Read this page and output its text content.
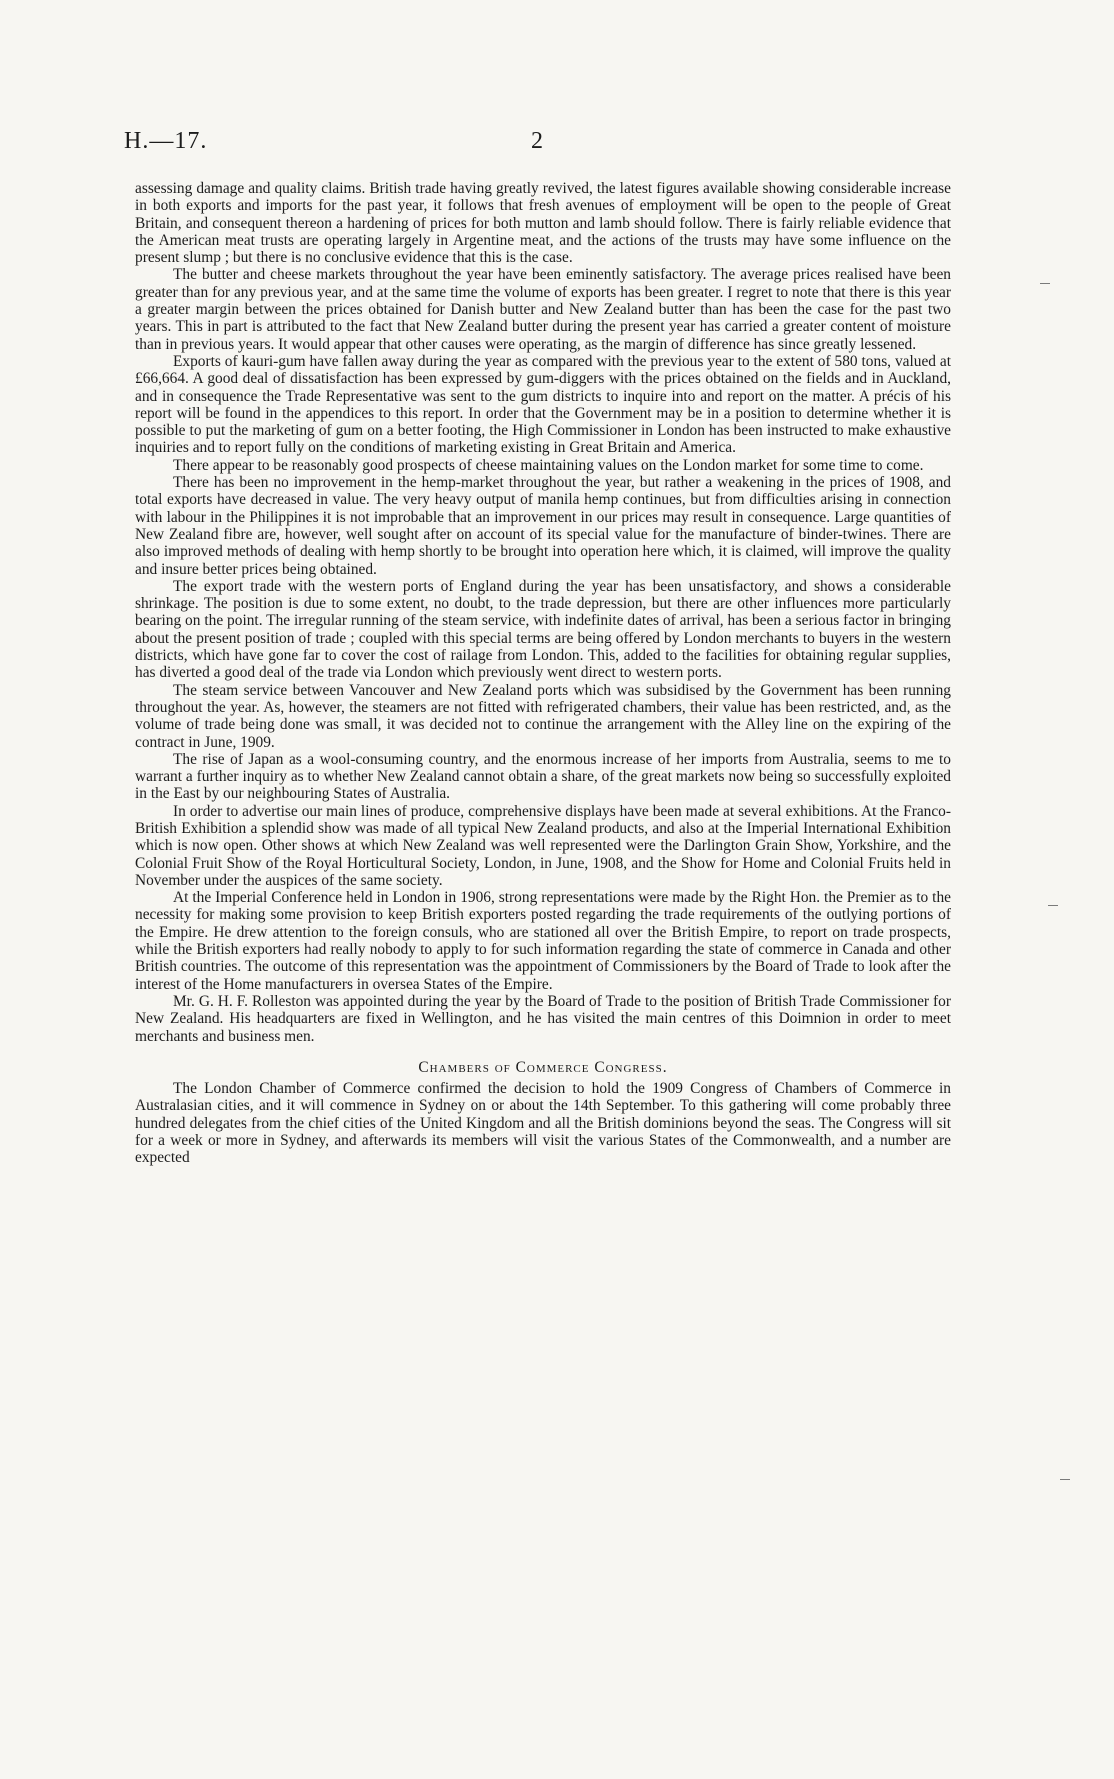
H.—17.	2

assessing damage and quality claims. British trade having greatly revived, the latest figures available showing considerable increase in both exports and imports for the past year, it follows that fresh avenues of employment will be open to the people of Great Britain, and consequent thereon a hardening of prices for both mutton and lamb should follow. There is fairly reliable evidence that the American meat trusts are operating largely in Argentine meat, and the actions of the trusts may have some influence on the present slump ; but there is no conclusive evidence that this is the case.

The butter and cheese markets throughout the year have been eminently satisfactory. The average prices realised have been greater than for any previous year, and at the same time the volume of exports has been greater. I regret to note that there is this year a greater margin between the prices obtained for Danish butter and New Zealand butter than has been the case for the past two years. This in part is attributed to the fact that New Zealand butter during the present year has carried a greater content of moisture than in previous years. It would appear that other causes were operating, as the margin of difference has since greatly lessened.

Exports of kauri-gum have fallen away during the year as compared with the previous year to the extent of 580 tons, valued at £66,664. A good deal of dissatisfaction has been expressed by gum-diggers with the prices obtained on the fields and in Auckland, and in consequence the Trade Representative was sent to the gum districts to inquire into and report on the matter. A précis of his report will be found in the appendices to this report. In order that the Government may be in a position to determine whether it is possible to put the marketing of gum on a better footing, the High Commissioner in London has been instructed to make exhaustive inquiries and to report fully on the conditions of marketing existing in Great Britain and America.

There appear to be reasonably good prospects of cheese maintaining values on the London market for some time to come.

There has been no improvement in the hemp-market throughout the year, but rather a weakening in the prices of 1908, and total exports have decreased in value. The very heavy output of manila hemp continues, but from difficulties arising in connection with labour in the Philippines it is not improbable that an improvement in our prices may result in consequence. Large quantities of New Zealand fibre are, however, well sought after on account of its special value for the manufacture of binder-twines. There are also improved methods of dealing with hemp shortly to be brought into operation here which, it is claimed, will improve the quality and insure better prices being obtained.

The export trade with the western ports of England during the year has been unsatisfactory, and shows a considerable shrinkage. The position is due to some extent, no doubt, to the trade depression, but there are other influences more particularly bearing on the point. The irregular running of the steam service, with indefinite dates of arrival, has been a serious factor in bringing about the present position of trade ; coupled with this special terms are being offered by London merchants to buyers in the western districts, which have gone far to cover the cost of railage from London. This, added to the facilities for obtaining regular supplies, has diverted a good deal of the trade via London which previously went direct to western ports.

The steam service between Vancouver and New Zealand ports which was subsidised by the Government has been running throughout the year. As, however, the steamers are not fitted with refrigerated chambers, their value has been restricted, and, as the volume of trade being done was small, it was decided not to continue the arrangement with the Alley line on the expiring of the contract in June, 1909.

The rise of Japan as a wool-consuming country, and the enormous increase of her imports from Australia, seems to me to warrant a further inquiry as to whether New Zealand cannot obtain a share, of the great markets now being so successfully exploited in the East by our neighbouring States of Australia.

In order to advertise our main lines of produce, comprehensive displays have been made at several exhibitions. At the Franco-British Exhibition a splendid show was made of all typical New Zealand products, and also at the Imperial International Exhibition which is now open. Other shows at which New Zealand was well represented were the Darlington Grain Show, Yorkshire, and the Colonial Fruit Show of the Royal Horticultural Society, London, in June, 1908, and the Show for Home and Colonial Fruits held in November under the auspices of the same society.

At the Imperial Conference held in London in 1906, strong representations were made by the Right Hon. the Premier as to the necessity for making some provision to keep British exporters posted regarding the trade requirements of the outlying portions of the Empire. He drew attention to the foreign consuls, who are stationed all over the British Empire, to report on trade prospects, while the British exporters had really nobody to apply to for such information regarding the state of commerce in Canada and other British countries. The outcome of this representation was the appointment of Commissioners by the Board of Trade to look after the interest of the Home manufacturers in oversea States of the Empire.

Mr. G. H. F. Rolleston was appointed during the year by the Board of Trade to the position of British Trade Commissioner for New Zealand. His headquarters are fixed in Wellington, and he has visited the main centres of this Doimnion in order to meet merchants and business men.

Chambers of Commerce Congress.

The London Chamber of Commerce confirmed the decision to hold the 1909 Congress of Chambers of Commerce in Australasian cities, and it will commence in Sydney on or about the 14th September. To this gathering will come probably three hundred delegates from the chief cities of the United Kingdom and all the British dominions beyond the seas. The Congress will sit for a week or more in Sydney, and afterwards its members will visit the various States of the Commonwealth, and a number are expected
